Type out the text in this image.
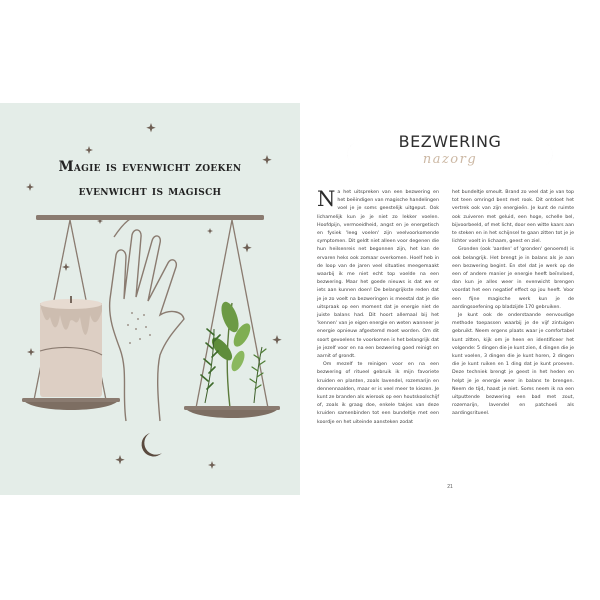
Magie is evenwicht zoeken
evenwicht is magisch
BEZWERING
nazorg

Na het uitspreken van een bezwering en het beëindigen van magische handelingen voel je je soms geestelijk uitgeput. Ook lichamelijk kun je je niet zo lekker voelen. Hoofdpijn, vermoeidheid, angst en je energetisch en fysiek 'leeg voelen' zijn veelvoorkomende symptomen. Dit geldt niet alleen voor degenen die hun heilsenreis net begonnen zijn, het kan de ervaren heks ook zomaar overkomen. Hoelf heb in de loop van de jaren veel situaties meegemaakt waarbij ik me niet echt top voelde na een bezwering. Maar het goede nieuws is dat we er iets aan kunnen doen! De belangrijkste reden dat je je zo voelt na bezweringen is meestal dat je die uitspraak op een moment dat je energie niet de juiste balans had. Dit hoort allemaal bij het 'kennen' van je eigen energie en weten wanneer je energie opnieuw afgestemd moet worden. Om dit soort gevoelens te voorkomen is het belangrijk dat je jezelf voor en na een bezwering goed reinigt en aarnit of grondt.

Om mezelf te reinigen voor en na een bezwering of ritueel gebruik ik mijn favoriete kruiden en planten, zoals lavendel, rozemarijn en dennennaalden, maar er is veel meer te kiezen. Je kunt ze branden als wierook op een houtskoolschijf of, zoals ik graag doe, enkele takjes van deze kruiden samenbinden tot een bundeltje met een koordje en het uiteinde aansteken zodat

het bundeltje smeult. Brand zo veel dat je van top tot teen omringd bent met rook. Dit ontdoet het vertrek ook van zijn energieën. Je kunt de ruimte ook zuiveren met geluid, een hoge, schelle bel, bijvoorbeeld, of met licht, door een witte kaars aan te steken en in het schijnsel te gaan zitten tot je je lichter voelt in lichaam, geest en ziel.

Gronden (ook 'aarden' of 'gronden' genoemd) is ook belangrijk. Het brengt je in balans als je aan een bezwering begint. En stel dat je werk op de een of andere manier je energie heeft beïnvloed, dan kun je alles weer in evenwicht brengen voordat het een negatief effect op jou heeft. Voor een fijne magische werk kun je de aardingsoefening op bladzijde 170 gebruiken.

Je kunt ook de onderstaande eenvoudige methode toepassen waarbij je de vijf zintuigen gebruikt. Neem ergens plaats waar je comfortabel kunt zitten, kijk om je heen en identificeer het volgende: 5 dingen die je kunt zien, 4 dingen die je kunt voelen, 3 dingen die je kunt horen, 2 dingen die je kunt ruiken en 1 ding dat je kunt proeven. Deze techniek brengt je geest in het heden en helpt je je energie weer in balans te brengen. Neem de tijd, haast je niet. Soms neem ik na een uitputtende bezwering een bad met zout, rozemarijn, lavendel en patchoeli als aardingsritueel.

21
